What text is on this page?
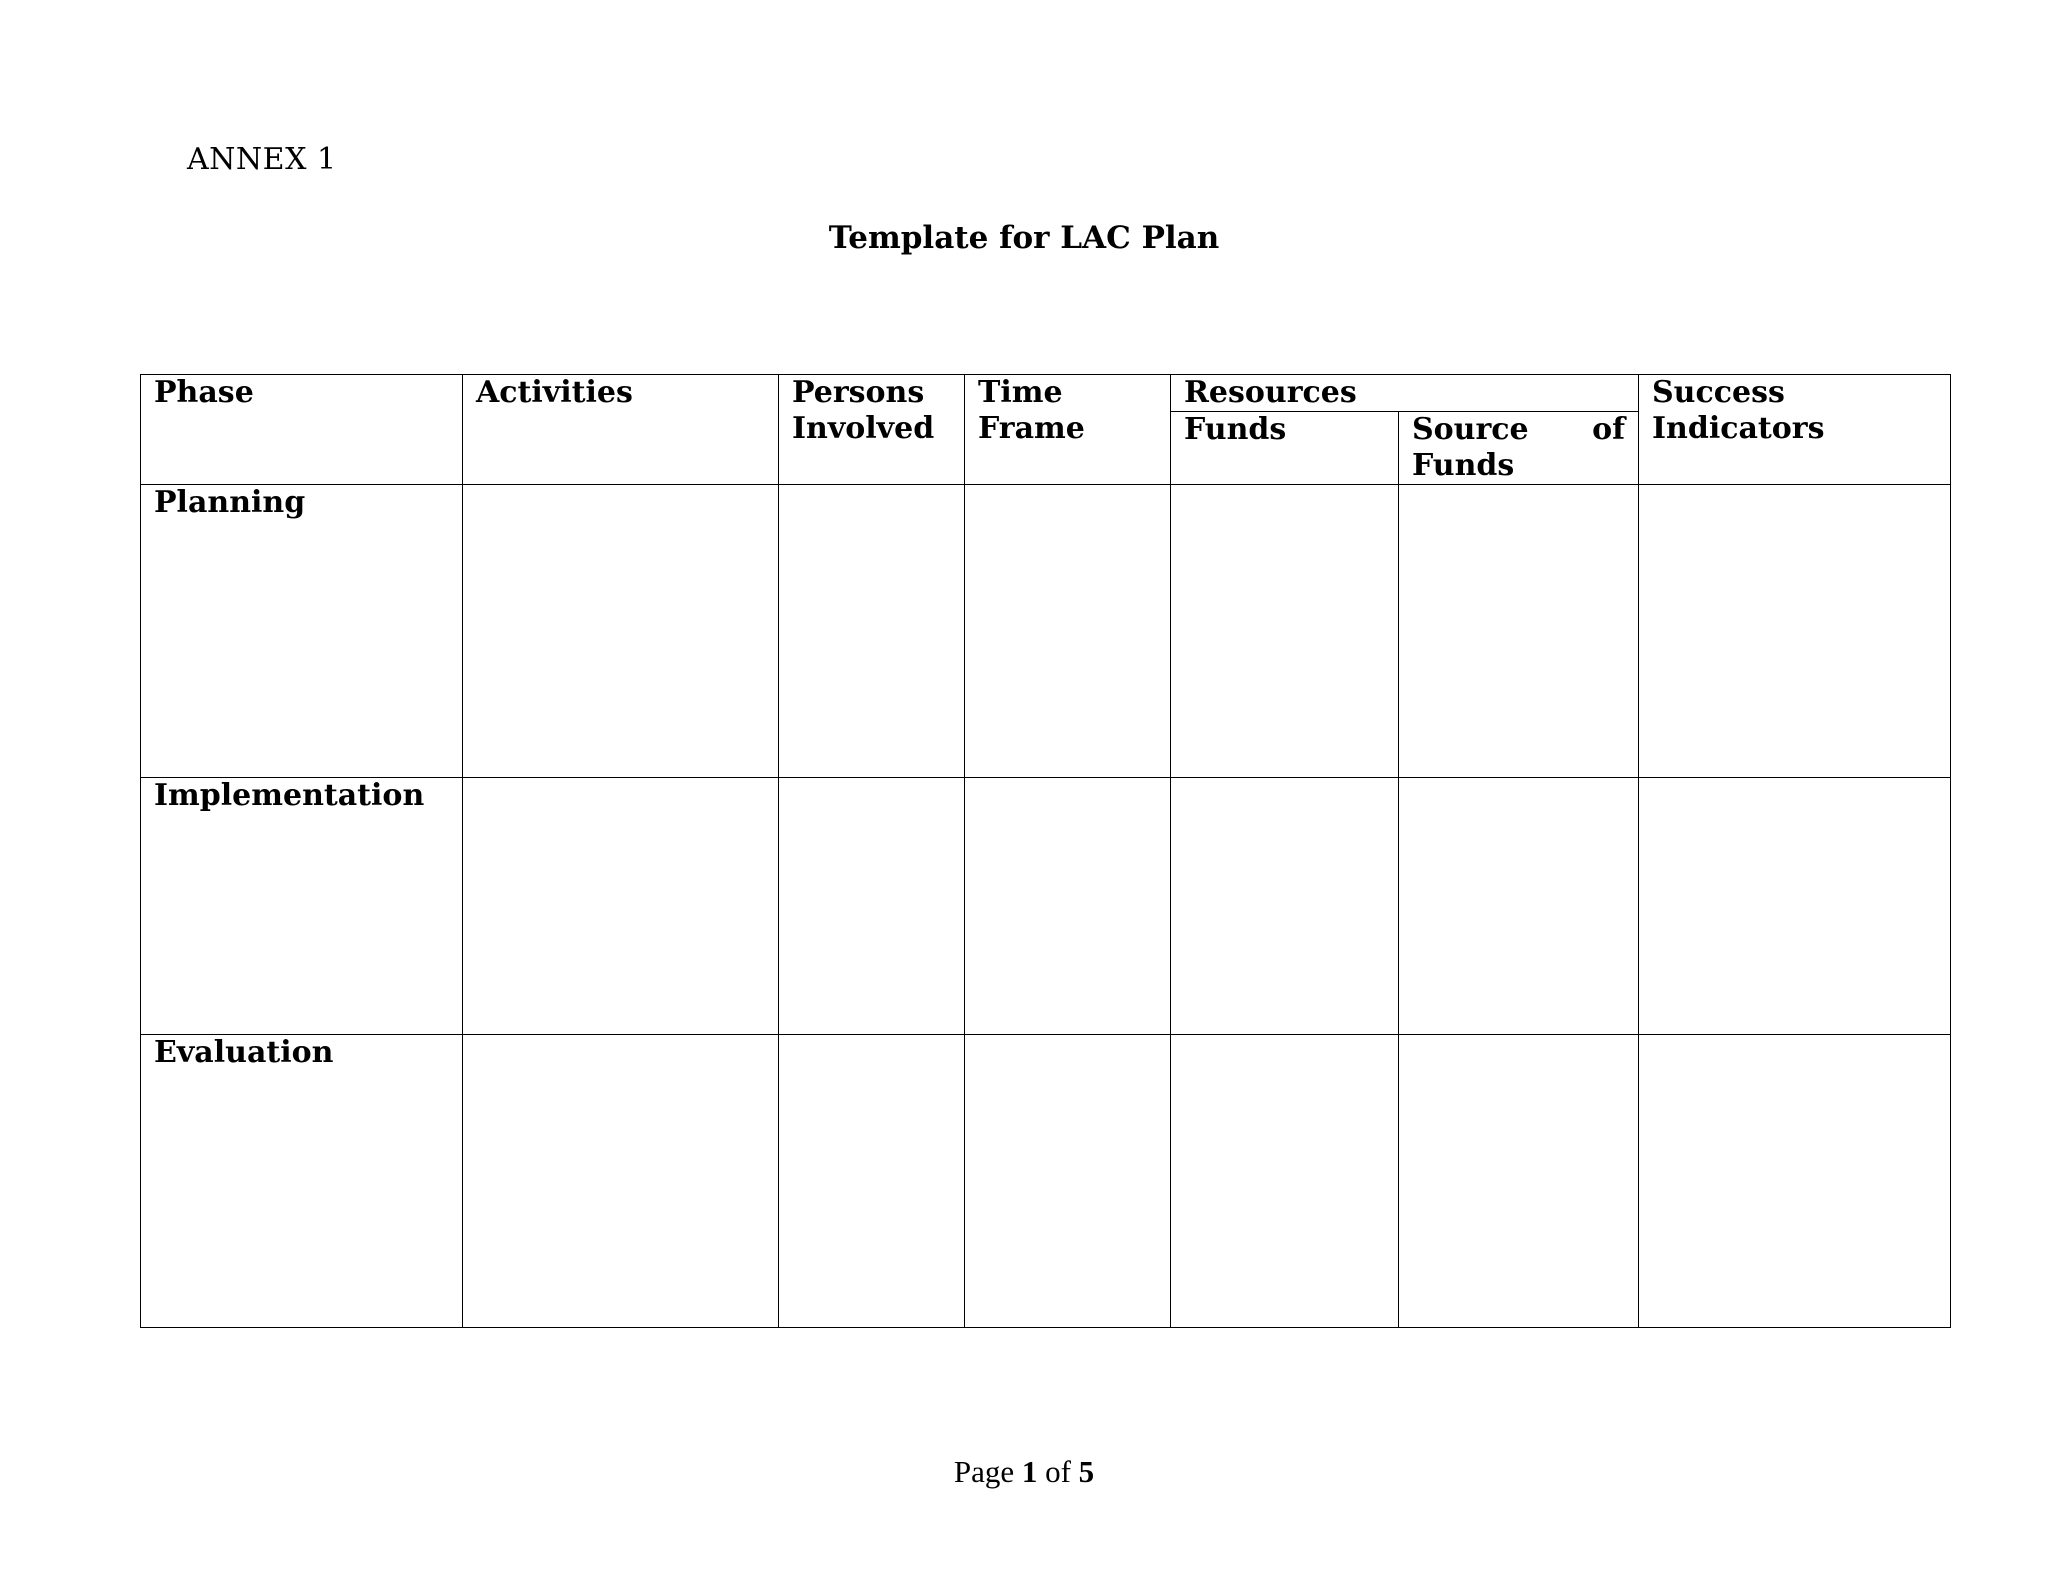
ANNEX 1
Template for LAC Plan
Phase	Activities	Persons Involved	Time Frame	Resources		Success Indicators
				Funds	Source of
Funds	

Planning						
Implementation						
Evaluation						
Page 1 of 5
